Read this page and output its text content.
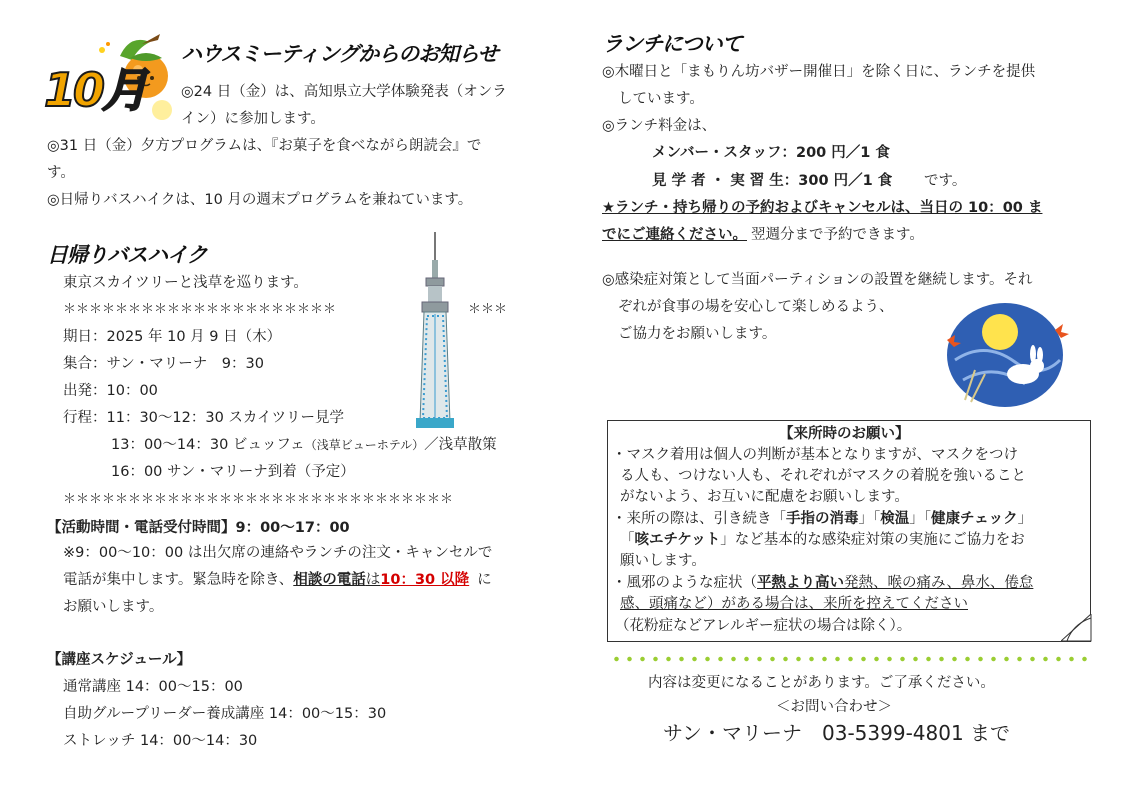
10月
ハウスミーティングからのお知らせ
◎24 日（金）は、高知県立大学体験発表（オンラ
イン）に参加します。
◎31 日（金）夕方プログラムは、『お菓子を食べながら朗読会』で
す。
◎日帰りバスハイクは、10 月の週末プログラムを兼ねています。
日帰りバスハイク
東京スカイツリーと浅草を巡ります。
＊＊＊＊＊＊＊＊＊＊＊＊＊＊＊＊＊＊＊＊＊	＊＊＊
期日：2025 年 10 月 9 日（木）
集合：サン・マリーナ　9：30
出発：10：00
行程：11：30～12：30 スカイツリー見学
13：00～14：30 ビュッフェ（浅草ビューホテル）／浅草散策
16：00 サン・マリーナ到着（予定）
＊＊＊＊＊＊＊＊＊＊＊＊＊＊＊＊＊＊＊＊＊＊＊＊＊＊＊＊＊＊
【活動時間・電話受付時間】9：00～17：00
※9：00～10：00 は出欠席の連絡やランチの注文・キャンセルで
電話が集中します。緊急時を除き、相談の電話は10：30 以降 に
お願いします。
【講座スケジュール】
通常講座 14：00～15：00
自助グループリーダー養成講座 14：00～15：30
ストレッチ 14：00～14：30
ランチについて
◎木曜日と「まもりん坊バザー開催日」を除く日に、ランチを提供
しています。
◎ランチ料金は、
メンバー・スタッフ：200 円／1 食
見 学 者 ・ 実 習 生：300 円／1 食 です。
★ランチ・持ち帰りの予約およびキャンセルは、当日の 10：00 ま
でにご連絡ください。 翌週分まで予約できます。
◎感染症対策として当面パーティションの設置を継続します。それ
ぞれが食事の場を安心して楽しめるよう、
ご協力をお願いします。
【来所時のお願い】
・マスク着用は個人の判断が基本となりますが、マスクをつけ
る人も、つけない人も、それぞれがマスクの着脱を強いること
がないよう、お互いに配慮をお願いします。
・来所の際は、引き続き「手指の消毒」「検温」「健康チェック」
「咳エチケット」など基本的な感染症対策の実施にご協力をお
願いします。
・風邪のような症状（平熱より高い発熱、喉の痛み、鼻水、倦怠
感、頭痛など）がある場合は、来所を控えてください
（花粉症などアレルギー症状の場合は除く）。
内容は変更になることがあります。ご了承ください。
＜お問い合わせ＞
サン・マリーナ　03-5399-4801 まで
